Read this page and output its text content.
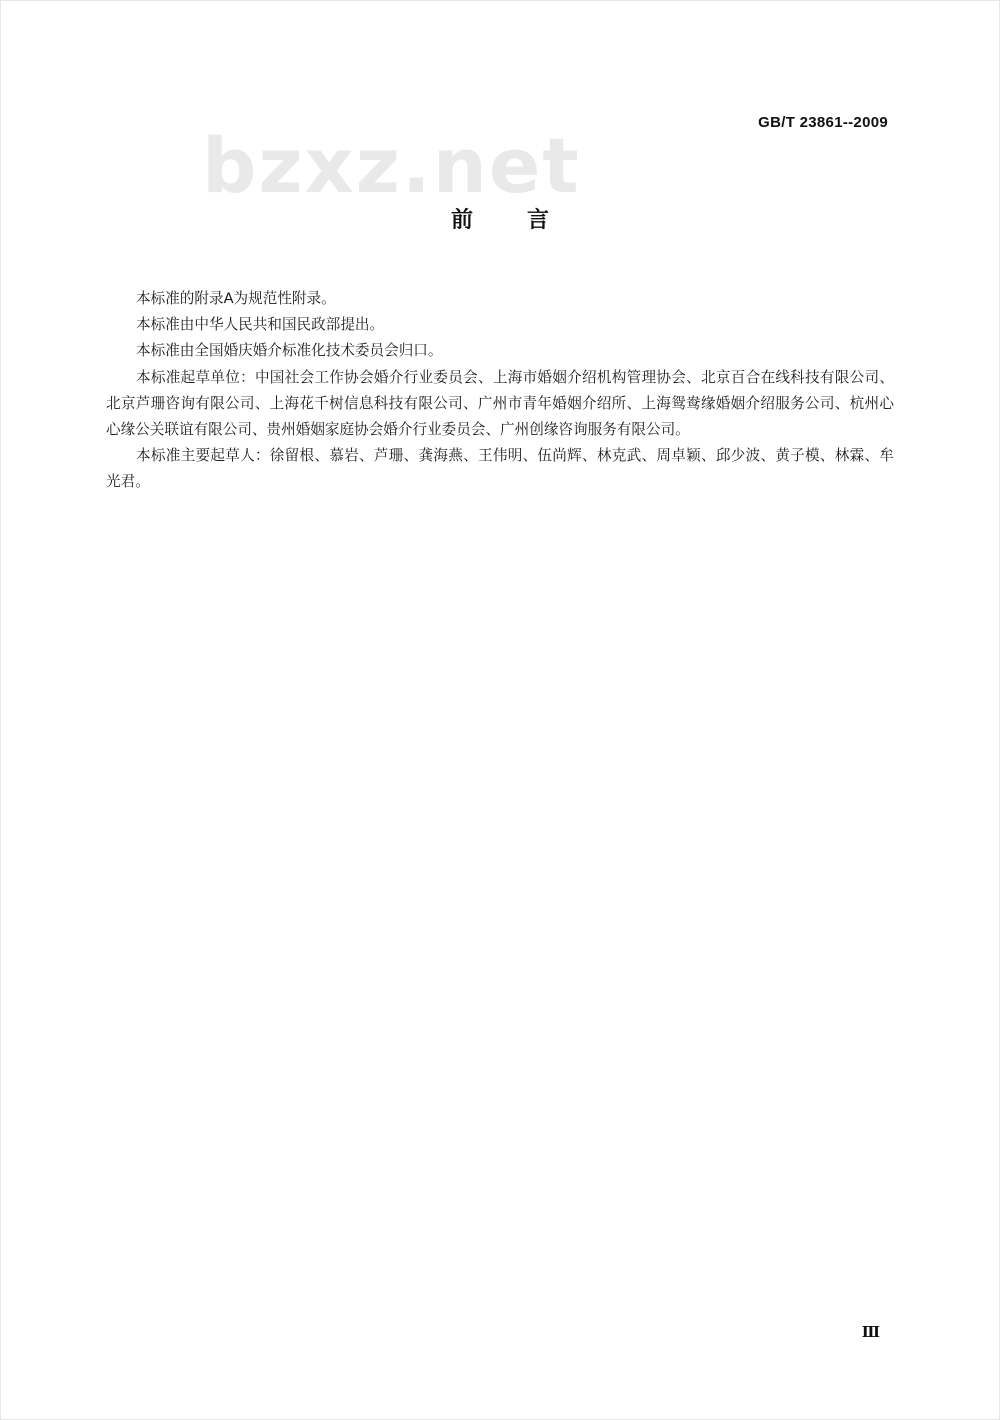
GB/T 23861--2009
bzxz.net
前言

本标准的附录A为规范性附录。

本标准由中华人民共和国民政部提出。

本标准由全国婚庆婚介标准化技术委员会归口。

本标准起草单位：中国社会工作协会婚介行业委员会、上海市婚姻介绍机构管理协会、北京百合在线科技有限公司、北京芦珊咨询有限公司、上海花千树信息科技有限公司、广州市青年婚姻介绍所、上海鸳鸯缘婚姻介绍服务公司、杭州心心缘公关联谊有限公司、贵州婚姻家庭协会婚介行业委员会、广州创缘咨询服务有限公司。

本标准主要起草人：徐留根、慕岩、芦珊、龚海燕、王伟明、伍尚辉、林克武、周卓颖、邱少波、黄子模、林霖、牟光君。

Ⅲ
